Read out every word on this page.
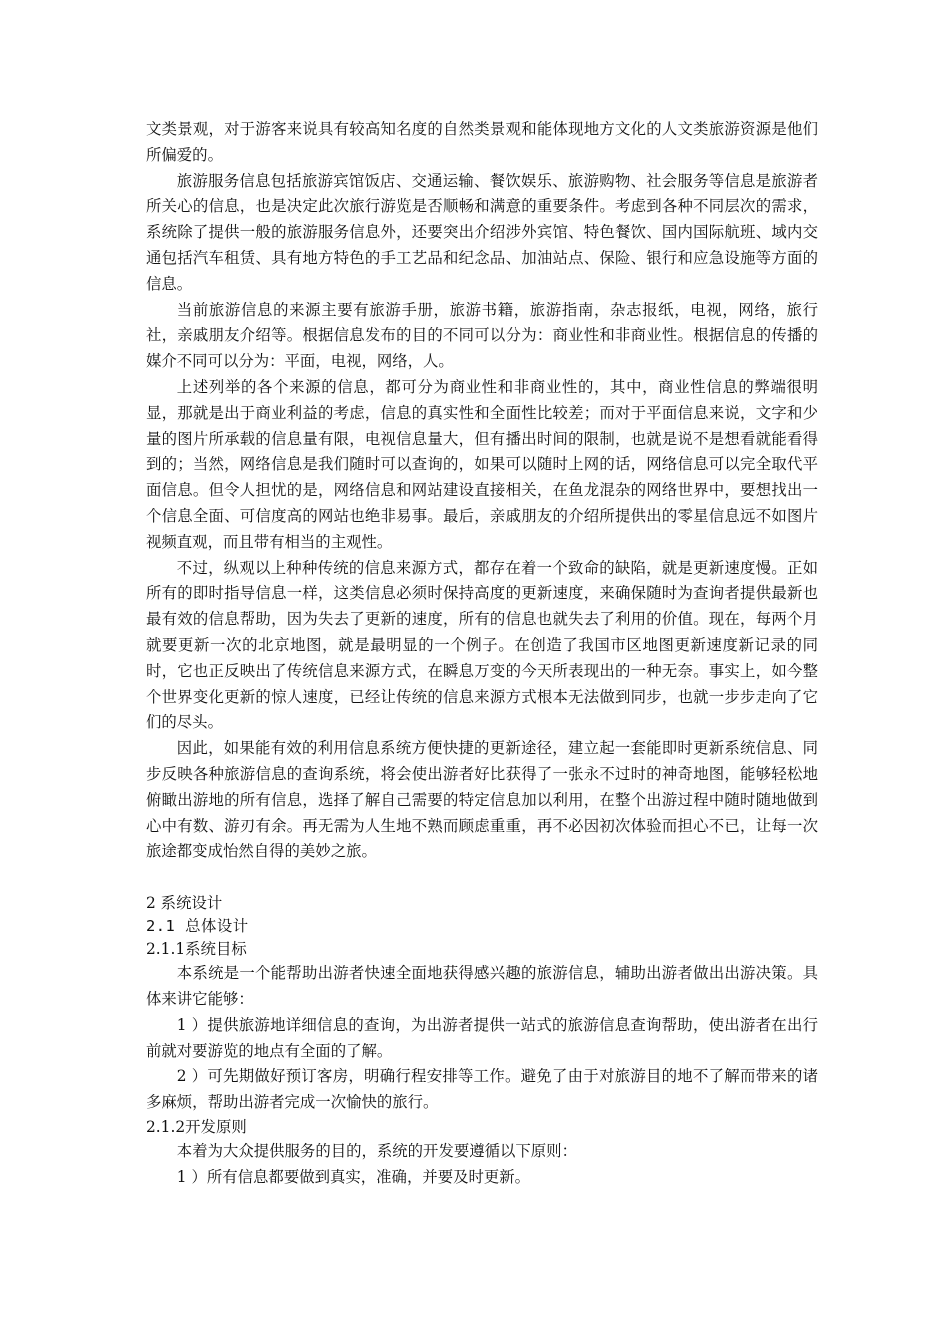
文类景观，对于游客来说具有较高知名度的自然类景观和能体现地方文化的人文类旅游资源是他们所偏爱的。

旅游服务信息包括旅游宾馆饭店、交通运输、餐饮娱乐、旅游购物、社会服务等信息是旅游者所关心的信息，也是决定此次旅行游览是否顺畅和满意的重要条件。考虑到各种不同层次的需求，系统除了提供一般的旅游服务信息外，还要突出介绍涉外宾馆、特色餐饮、国内国际航班、域内交通包括汽车租赁、具有地方特色的手工艺品和纪念品、加油站点、保险、银行和应急设施等方面的信息。

当前旅游信息的来源主要有旅游手册，旅游书籍，旅游指南，杂志报纸，电视，网络，旅行社，亲戚朋友介绍等。根据信息发布的目的不同可以分为：商业性和非商业性。根据信息的传播的媒介不同可以分为：平面，电视，网络，人。

上述列举的各个来源的信息，都可分为商业性和非商业性的，其中，商业性信息的弊端很明显，那就是出于商业利益的考虑，信息的真实性和全面性比较差；而对于平面信息来说，文字和少量的图片所承载的信息量有限，电视信息量大，但有播出时间的限制，也就是说不是想看就能看得到的；当然，网络信息是我们随时可以查询的，如果可以随时上网的话，网络信息可以完全取代平面信息。但令人担忧的是，网络信息和网站建设直接相关，在鱼龙混杂的网络世界中，要想找出一个信息全面、可信度高的网站也绝非易事。最后，亲戚朋友的介绍所提供出的零星信息远不如图片视频直观，而且带有相当的主观性。

不过，纵观以上种种传统的信息来源方式，都存在着一个致命的缺陷，就是更新速度慢。正如所有的即时指导信息一样，这类信息必须时保持高度的更新速度，来确保随时为查询者提供最新也最有效的信息帮助，因为失去了更新的速度，所有的信息也就失去了利用的价值。现在，每两个月就要更新一次的北京地图，就是最明显的一个例子。在创造了我国市区地图更新速度新记录的同时，它也正反映出了传统信息来源方式，在瞬息万变的今天所表现出的一种无奈。事实上，如今整个世界变化更新的惊人速度，已经让传统的信息来源方式根本无法做到同步，也就一步步走向了它们的尽头。

因此，如果能有效的利用信息系统方便快捷的更新途径，建立起一套能即时更新系统信息、同步反映各种旅游信息的查询系统，将会使出游者好比获得了一张永不过时的神奇地图，能够轻松地俯瞰出游地的所有信息，选择了解自己需要的特定信息加以利用，在整个出游过程中随时随地做到心中有数、游刃有余。再无需为人生地不熟而顾虑重重，再不必因初次体验而担心不已，让每一次旅途都变成怡然自得的美妙之旅。

2 系统设计
2.1 总体设计
2.1.1系统目标

本系统是一个能帮助出游者快速全面地获得感兴趣的旅游信息，辅助出游者做出出游决策。具体来讲它能够：

1 ）提供旅游地详细信息的查询，为出游者提供一站式的旅游信息查询帮助，使出游者在出行前就对要游览的地点有全面的了解。

2 ）可先期做好预订客房，明确行程安排等工作。避免了由于对旅游目的地不了解而带来的诸多麻烦，帮助出游者完成一次愉快的旅行。

2.1.2开发原则

本着为大众提供服务的目的，系统的开发要遵循以下原则：

1 ）所有信息都要做到真实，准确，并要及时更新。
